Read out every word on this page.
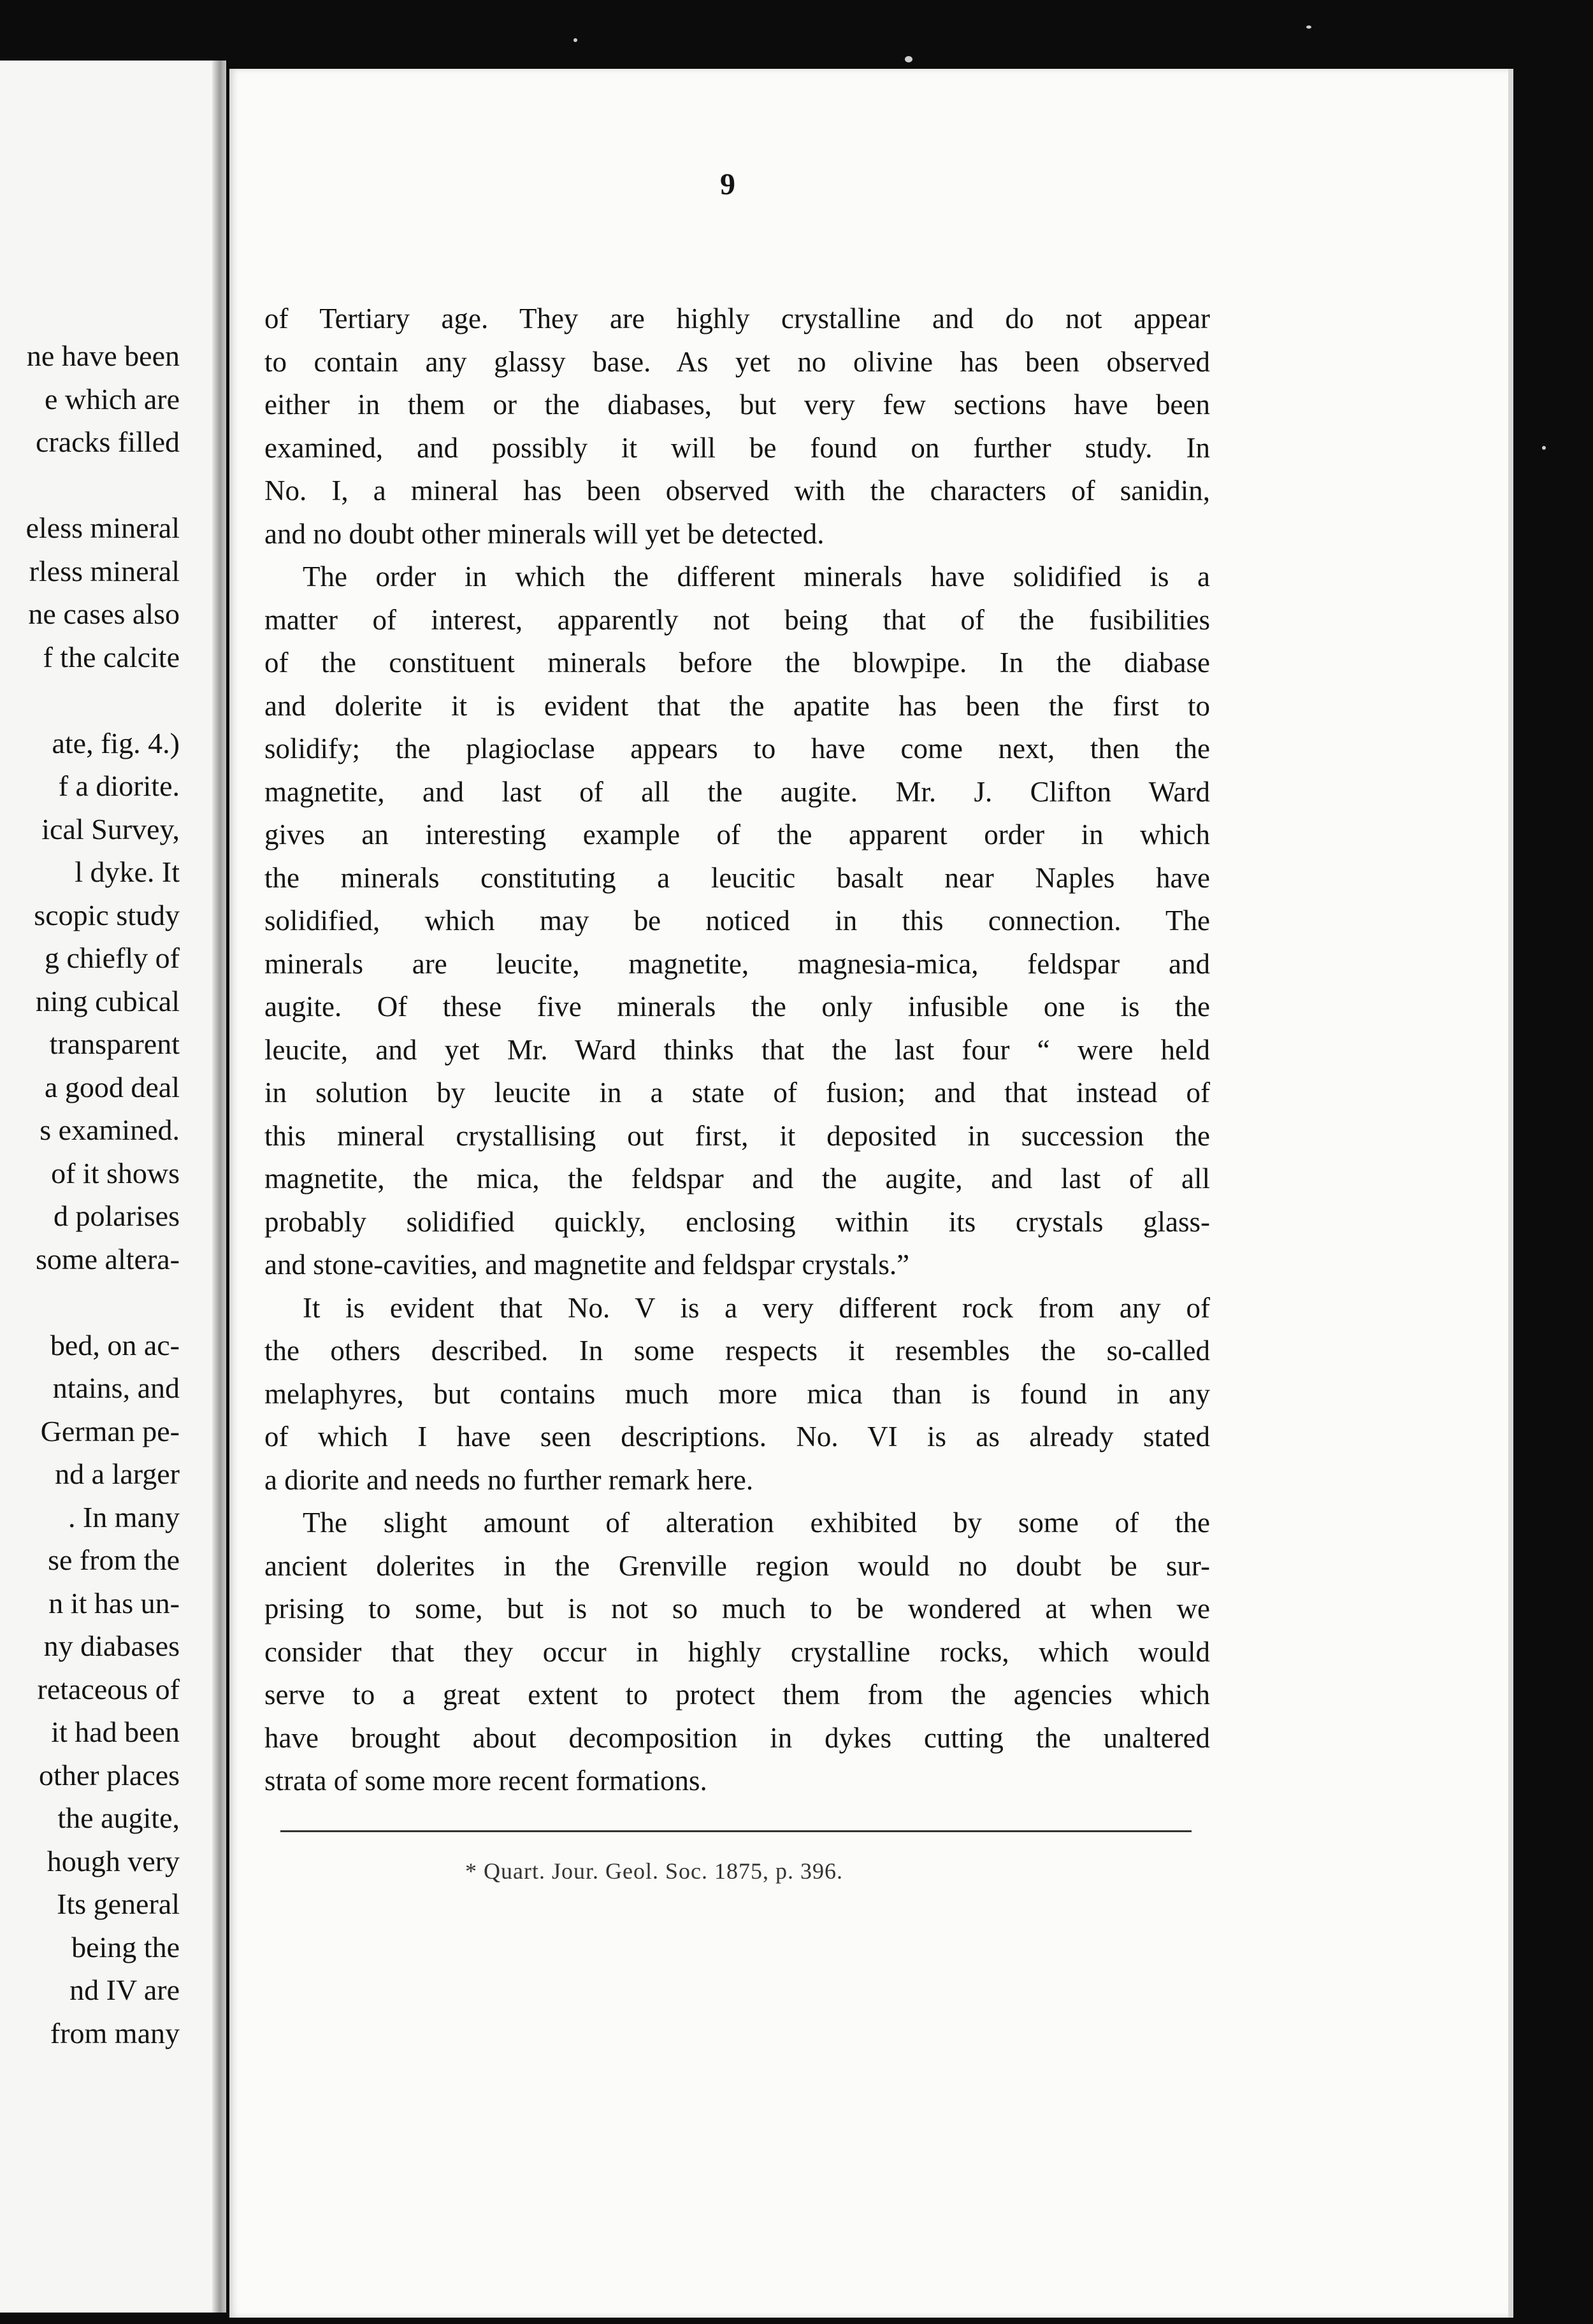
ne have been
e which are
cracks filled
eless mineral
rless mineral
ne cases also
f the calcite
ate, fig. 4.)
f a diorite.
ical Survey,
l dyke. It
scopic study
g chiefly of
ning cubical
transparent
a good deal
s examined.
of it shows
d polarises
some altera-
bed, on ac-
ntains, and
German pe-
nd a larger
. In many
se from the
n it has un-
ny diabases
retaceous of
it had been
other places
the augite,
hough very
Its general
being the
nd IV are
from many
9
of Tertiary age. They are highly crystalline and do not appear
to contain any glassy base. As yet no olivine has been observed
either in them or the diabases, but very few sections have been
examined, and possibly it will be found on further study. In
No. I, a mineral has been observed with the characters of sanidin,
and no doubt other minerals will yet be detected.
The order in which the different minerals have solidified is a
matter of interest, apparently not being that of the fusibilities
of the constituent minerals before the blowpipe. In the diabase
and dolerite it is evident that the apatite has been the first to
solidify; the plagioclase appears to have come next, then the
magnetite, and last of all the augite. Mr. J. Clifton Ward
gives an interesting example of the apparent order in which
the minerals constituting a leucitic basalt near Naples have
solidified, which may be noticed in this connection. The
minerals are leucite, magnetite, magnesia-mica, feldspar and
augite. Of these five minerals the only infusible one is the
leucite, and yet Mr. Ward thinks that the last four “ were held
in solution by leucite in a state of fusion; and that instead of
this mineral crystallising out first, it deposited in succession the
magnetite, the mica, the feldspar and the augite, and last of all
probably solidified quickly, enclosing within its crystals glass-
and stone-cavities, and magnetite and feldspar crystals.”
It is evident that No. V is a very different rock from any of
the others described. In some respects it resembles the so-called
melaphyres, but contains much more mica than is found in any
of which I have seen descriptions. No. VI is as already stated
a diorite and needs no further remark here.
The slight amount of alteration exhibited by some of the
ancient dolerites in the Grenville region would no doubt be sur-
prising to some, but is not so much to be wondered at when we
consider that they occur in highly crystalline rocks, which would
serve to a great extent to protect them from the agencies which
have brought about decomposition in dykes cutting the unaltered
strata of some more recent formations.
* Quart. Jour. Geol. Soc. 1875, p. 396.
